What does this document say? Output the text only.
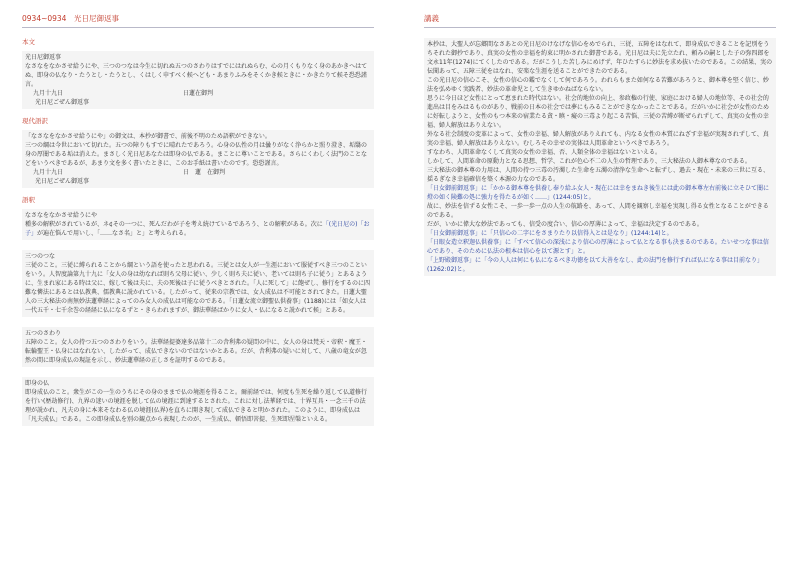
0934~0934　光日尼御返事
本文

光日尼御返事

なさなをなかさせ給うにや、三つのつなは今生に切れぬ五つのさわりはすでにはれぬらむ、心の月くもりなく身のあかきへはてぬ、即身の仏なり・たうとし・たうとし、くはしく申すべく候へども・あまりふみをそくかき候ときに・かきたりて候そ恐恐謹言。

九月十九日	日蓮在御判

光日尼ごぜん御返事

現代語訳

「なさなをなかさせ給うにや」の御文は、本抄が御書で、前後不明のため語釈ができない。

三つの綱は今世において切れた。五つの障りもすでに晴れたであろう。心身の仏性の月は曇りがなく浄らかと照り澄き、垢翳の身の厚闇である垢は消えた。まさしく光日尼あなたは即身の仏である。まことに尊いことである。さらにくわしく法門のことなどをいうべきであるが、あまり文を多く書いたときに、このお手紙は書いたのです。恐恐謹言。

九月十九日	日　蓮　在御判

光日尼ごぜん御返事

語釈

なさなをなかさせ給うにや

種多の解釈がされているが、ネ¢その一つに、死んだわが子を考え続けているであろう、との解釈がある。次に「(光日尼の)「お子」が遍在悩んで用いし、「……なさ名」と」と考えられる。

三つのつな

三従のこと。三従に縛られることから綱という語を使ったと思われる。三従とは女人が一生涯において服従すべき三つのこといをいう。人智度論第九十九に「女人の身は幼なれば則ち父母に従い、少しく則ち夫に従い、老いては則ち子に従う」とあるように、生まれ家にある時は父に、嫁して後は夫に、夫の死後は子に従うべきとされた。「人に死して」に飽ぜし、修行をするのに四難な憐法にあるとは仏教典、儒教典に説かれている。したがって、従来の宗教では、女人成仏は不可能とされてきた。日蓮大聖人の三大秘法の南無妙法蓮華経によってのみ女人の成仏は可能なのである。「日蓮女流立御聖仏供養事」(1188)には「如女人は一代五千・七千余巻の経経に仏になるずと・きらわれますが、御法華経ばかりに女人・仏になると説かれて候」とある。

五つのさわり

五障のこと。女人の持つ五つのさわりをいう。法華経提婆達多品第十二の舎利弗の疑問の中に、女人の身は梵天・帝釈・魔王・転輪聖王・仏身にはなれない、したがって、成仏できないのではないかとある。だが、舎利弗の疑いに対して、八歳の竜女が忽然の間に即身成仏の現証を示し、妙法蓮華経の正しさを証明するのである。

即身の仏

即身成仏のこと。衆生がこの一生のうちにその身のままで仏の境涯を得ること。爾前経では、何度も生死を繰り返して仏道修行を行い(歴劫修行)、九界の迷いの境涯を脱して仏の境涯に到達するとされた。これに対し法華経では、十界互具・一念三千の法理が説かれ、凡夫の身に本来そなわる仏の境涯(仏界)を直ちに開き現して成仏できると明かされた。このように、即身成仏は「凡夫成仏」である。この即身成仏を別の観点から表現したのが、一生成仏、頓悟即菩提、生死即涅槃といえる。

講義

本抄は、大聖人が忘郷間なさあとの光日尼のけなげな信心をめでられ、三従、五障をはなれて、即身成仏できることを記別をうちそれた御抄であり、真実の女性の幸福を約束に明かされた御書である。光日尼は夫に先立たれ、頼みの嗣とした子の弥四郎を文永11年(1274)にてくしたのである。だがこうした苦しみにめげず、年ひたすらに妙法を求め抜いたのである。この結果、実の伝聞あって、五障三従をはなれ、安楽な生涯を送ることができたのである。

この光日尼の信心こそ、女性の信心の鑑でなくして何であろう。われらもまた如何なる苦難があろうと、御本尊を堅く信じ、妙法を弘めゆく実践者、妙法の革命児として生きゆかねばならない。

思うに今日ほど女性にとって恵まれた時代はない。社会的地位の向上、参政権の行使、家庭における婦人の地位等、その社会的進出は目をみはるものがあり、戦前の日本の社会では夢にもみることができなかったことである。だがいかに社会が女性のために好転しようと、女性のもつ本来の宿業たる貪・瞋・癡の三毒より起こる苦悩、三従の苦縛が断ぜられずして、真実の女性の幸福、婦人解放はありえない。

外なる社会制度の変革によって、女性の幸福、婦人解放がありえれても、内なる女性の本質にねざす幸福が実現されずして、真実の幸福、婦人解放はありえない。むしろその幸せの実体は人間革命というべきであろう。

すなわち、人間革命なくして真実の女性の幸福、否、人類全体の幸福はないといえる。

しかして、人間革命の原動力となる思想、哲学、これが色心不二の人生の哲理であり、三大秘法の人御本尊なのである。

三大秘法の御本尊の力用は、人間の持つ三毒の汚濁した生命を五濁の清浄な生命へと転ずし、過去・現在・未来の三世に互る、揺るぎなき幸福確信を築く本源の力なのである。

「日女御前御返事」に「かかる御本尊を供養し奉り給ふ女人・現在には幸をまねき後生には此の御本尊左右前後に立そひて闇に燈の如く険難の処に強力を得たるが如く……」(1244:05)と。

故に、妙法を信ずる女性こそ、一歩一歩一点の人生の航路を、あって、人間を観察し幸福を実現し得る女性となることができるのである。

だが、いかに偉大な妙法であっても、信受の度合い、信心の厚薄によって、幸福は決定するのである。

「日女御前御返事」に「只信心の二字にをさまりたり以信得入とは是なり」(1244:14)と。

「日眼女造立釈迦仏供養事」に「すべて信心の深浅により信心の厚薄によって仏となる事も決まるのである。たいせつな事は信心であり、そのために仏法の根本は信心を以て源とす」と。

「上野殿御返事」に「今の人人は何にも仏になるべき功徳を以て大善をなし、此の法門を修行すれば仏になる事は目前なり」(1262:02)と。
